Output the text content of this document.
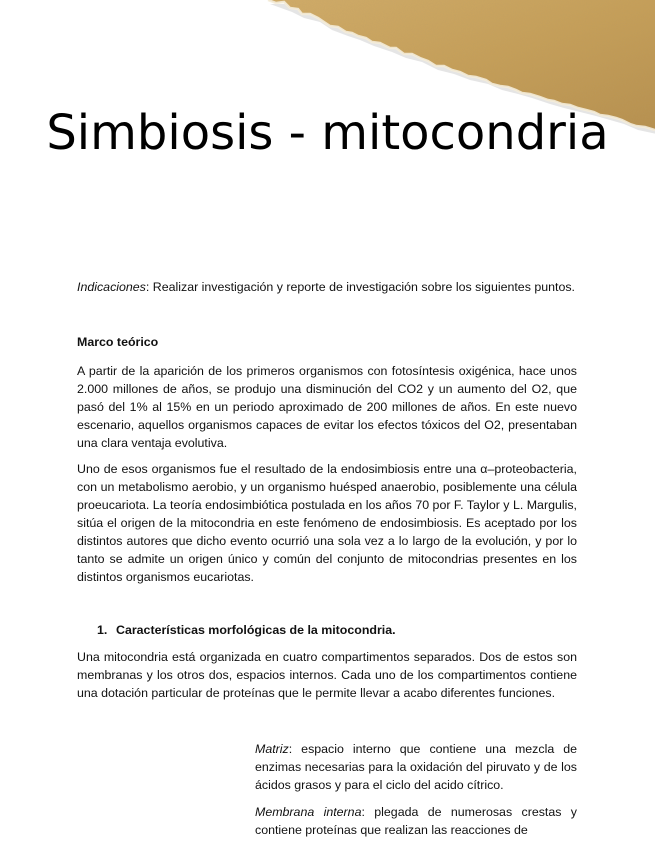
Simbiosis - mitocondria

Indicaciones: Realizar investigación y reporte de investigación sobre los siguientes puntos.

Marco teórico

A partir de la aparición de los primeros organismos con fotosíntesis oxigénica, hace unos 2.000 millones de años, se produjo una disminución del CO2 y un aumento del O2, que pasó del 1% al 15% en un periodo aproximado de 200 millones de años. En este nuevo escenario, aquellos organismos capaces de evitar los efectos tóxicos del O2, presentaban una clara ventaja evolutiva.

Uno de esos organismos fue el resultado de la endosimbiosis entre una α–proteobacteria, con un metabolismo aerobio, y un organismo huésped anaerobio, posiblemente una célula proeucariota. La teoría endosimbiótica postulada en los años 70 por F. Taylor y L. Margulis, sitúa el origen de la mitocondria en este fenómeno de endosimbiosis. Es aceptado por los distintos autores que dicho evento ocurrió una sola vez a lo largo de la evolución, y por lo tanto se admite un origen único y común del conjunto de mitocondrias presentes en los distintos organismos eucariotas.

1. Características morfológicas de la mitocondria.

Una mitocondria está organizada en cuatro compartimentos separados. Dos de estos son membranas y los otros dos, espacios internos. Cada uno de los compartimentos contiene una dotación particular de proteínas que le permite llevar a acabo diferentes funciones.

Matriz: espacio interno que contiene una mezcla de enzimas necesarias para la oxidación del piruvato y de los ácidos grasos y para el ciclo del acido cítrico.

Membrana interna: plegada de numerosas crestas y contiene proteínas que realizan las reacciones de
